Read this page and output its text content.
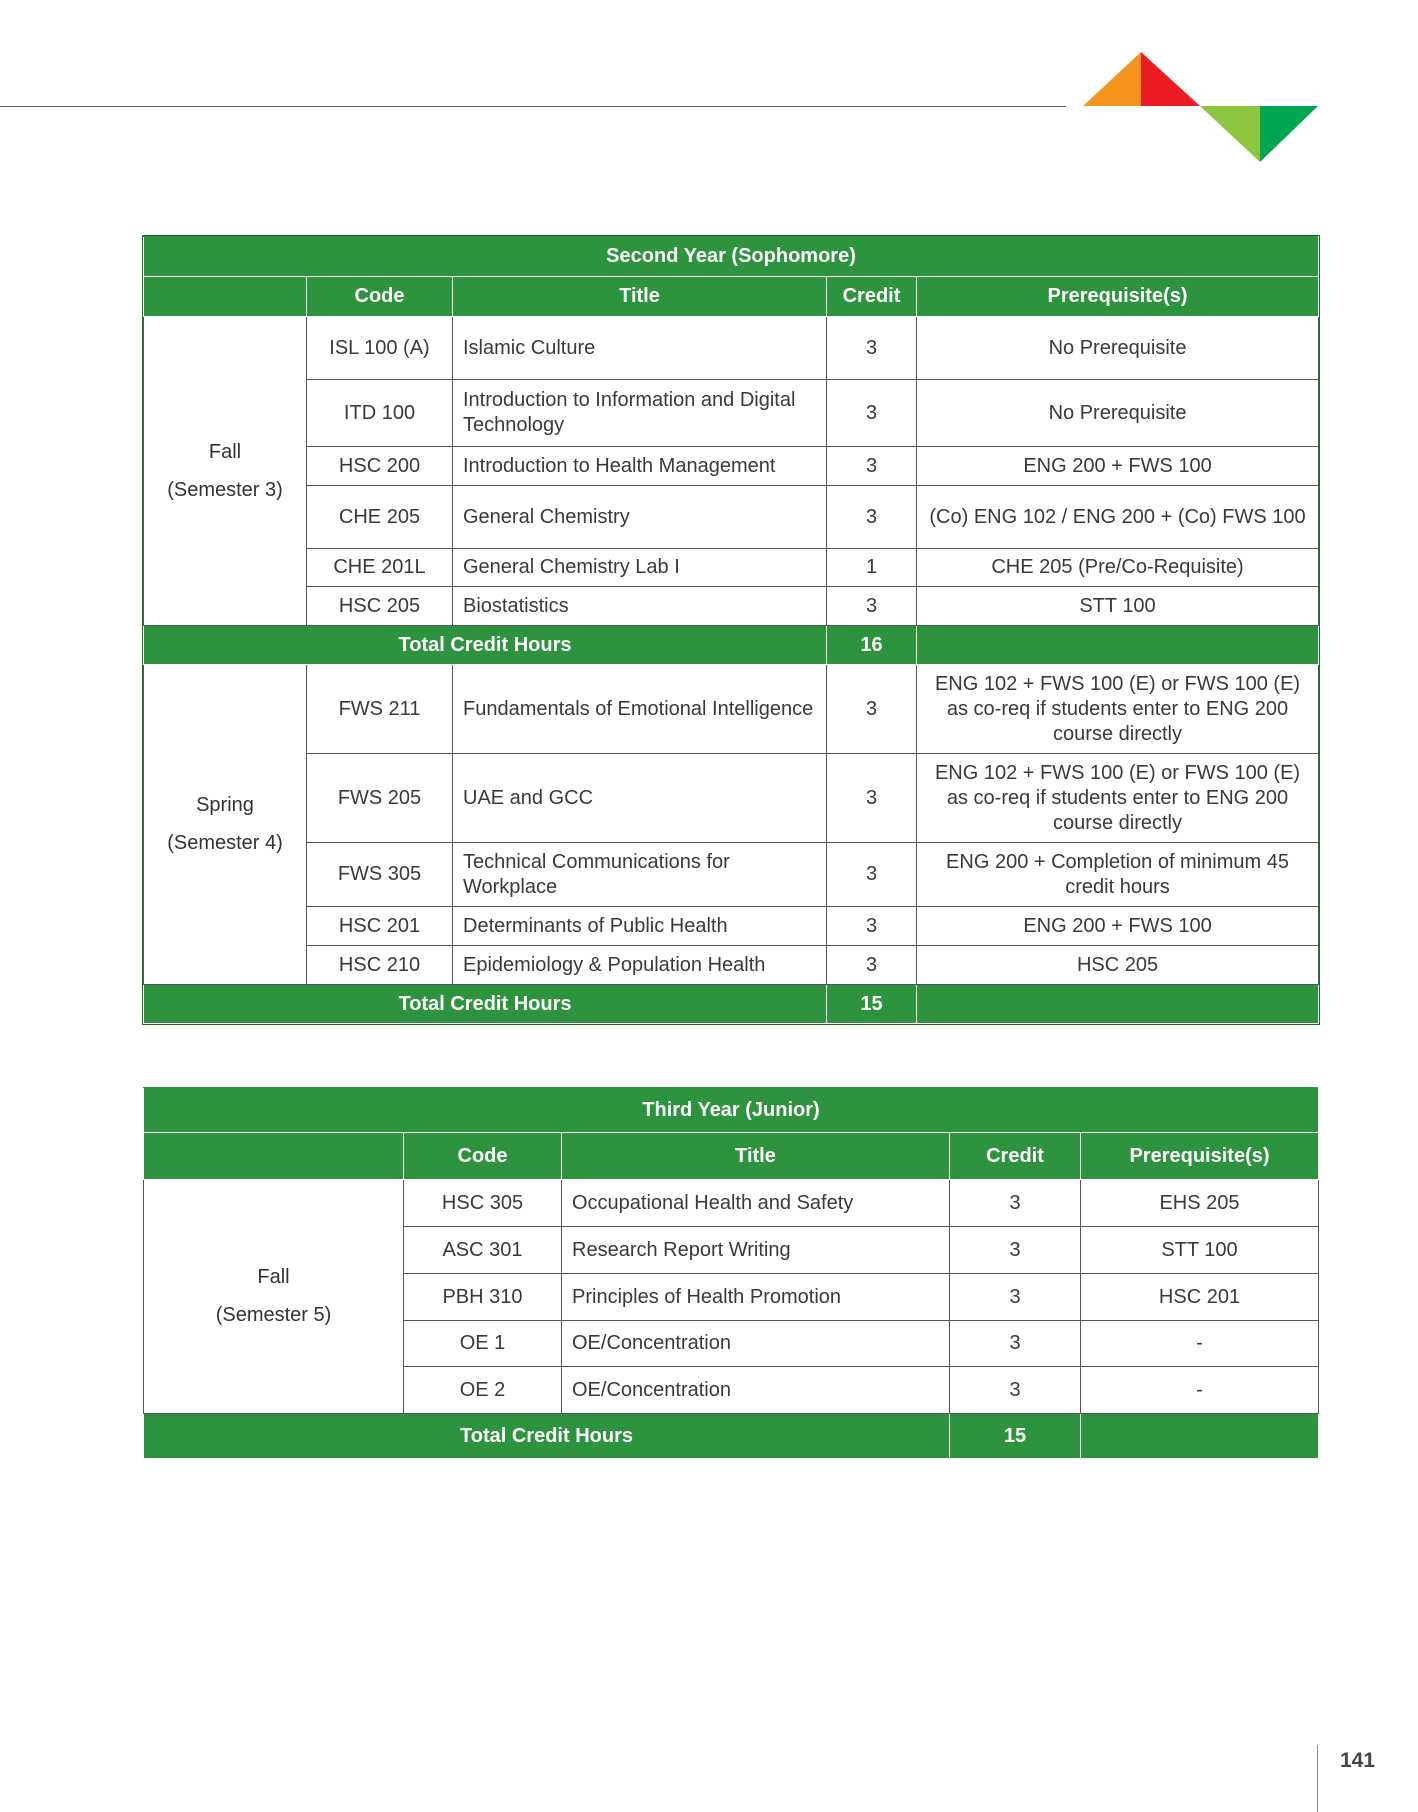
Second Year (Sophomore)				
	Code	Title	Credit	Prerequisite(s)

Fall
(Semester 3)	ISL 100 (A)	Islamic Culture	3	No Prerequisite
	ITD 100	Introduction to Information and Digital Technology	3	No Prerequisite
	HSC 200	Introduction to Health Management	3	ENG 200 + FWS 100
	CHE 205	General Chemistry	3	(Co) ENG 102 / ENG 200 + (Co) FWS 100
	CHE 201L	General Chemistry Lab I	1	CHE 205 (Pre/Co-Requisite)
	HSC 205	Biostatistics	3	STT 100
Total Credit Hours			16	

Spring
(Semester 4)	FWS 211	Fundamentals of Emotional Intelligence	3	ENG 102 + FWS 100 (E) or FWS 100 (E) as co-req if students enter to ENG 200 course directly
	FWS 205	UAE and GCC	3	ENG 102 + FWS 100 (E) or FWS 100 (E) as co-req if students enter to ENG 200 course directly
	FWS 305	Technical Communications for Workplace	3	ENG 200 + Completion of minimum 45 credit hours
	HSC 201	Determinants of Public Health	3	ENG 200 + FWS 100
	HSC 210	Epidemiology & Population Health	3	HSC 205
Total Credit Hours			15	
Third Year (Junior)				
	Code	Title	Credit	Prerequisite(s)

Fall
(Semester 5)	HSC 305	Occupational Health and Safety	3	EHS 205
	ASC 301	Research Report Writing	3	STT 100
	PBH 310	Principles of Health Promotion	3	HSC 201
	OE 1	OE/Concentration	3	-
	OE 2	OE/Concentration	3	-
Total Credit Hours			15	
141
